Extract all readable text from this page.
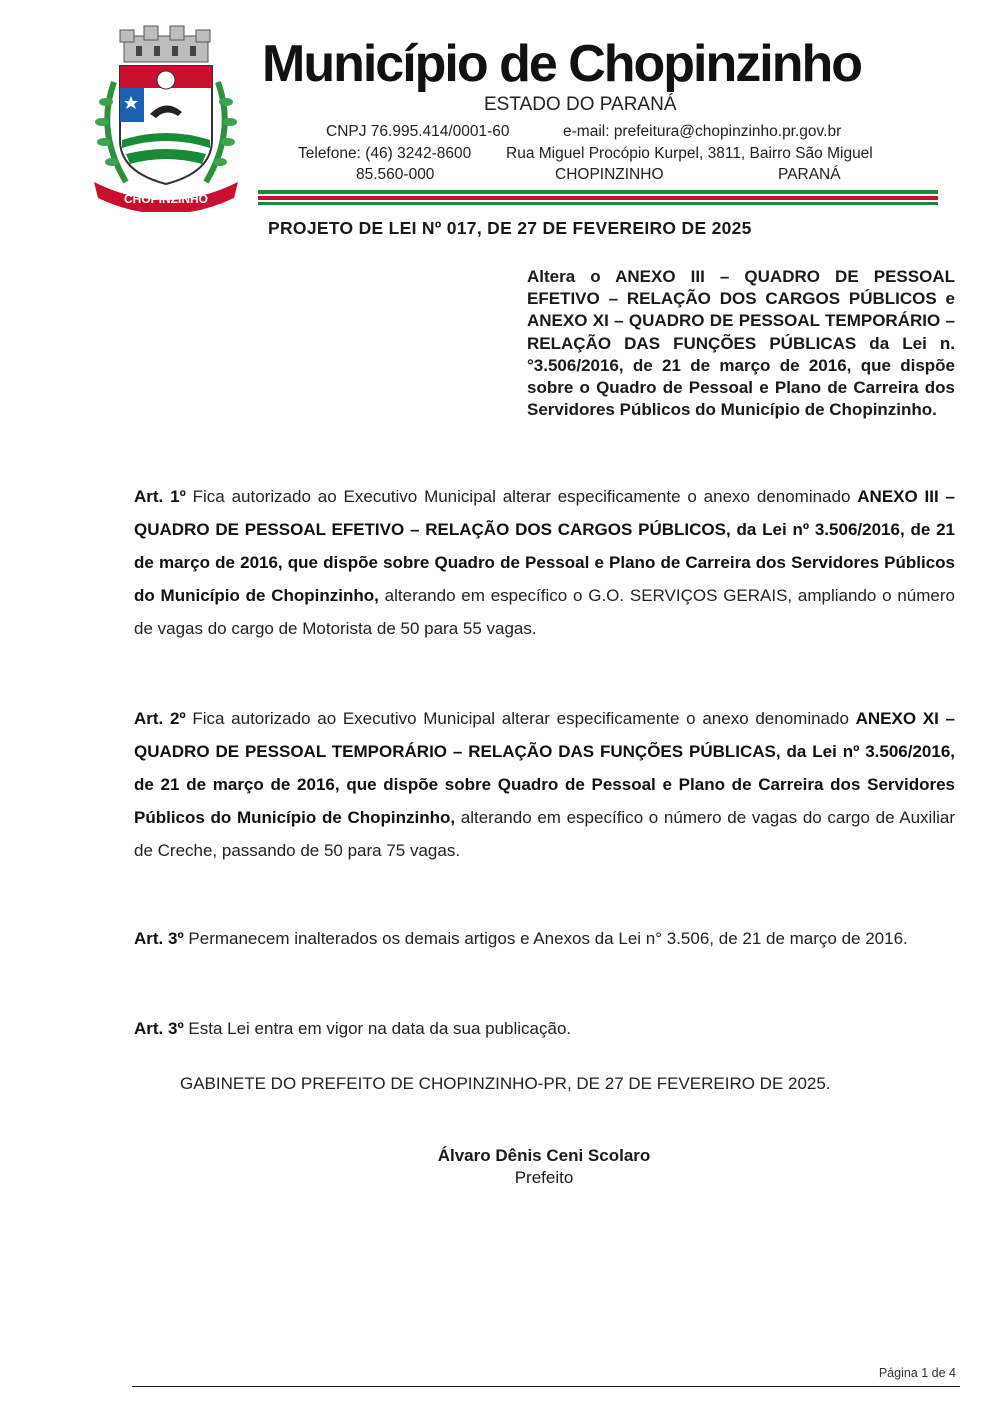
CHOPINZINHO
Município de Chopinzinho
ESTADO DO PARANÁ
CNPJ 76.995.414/0001-60	e-mail: prefeitura@chopinzinho.pr.gov.br
Telefone: (46) 3242-8600 Rua Miguel Procópio Kurpel, 3811, Bairro São Miguel
85.560-000	CHOPINZINHO	PARANÁ
PROJETO DE LEI Nº 017, DE 27 DE FEVEREIRO DE 2025
Altera o ANEXO III – QUADRO DE PESSOAL EFETIVO – RELAÇÃO DOS CARGOS PÚBLICOS e ANEXO XI – QUADRO DE PESSOAL TEMPORÁRIO – RELAÇÃO DAS FUNÇÕES PÚBLICAS da Lei n.°3.506/2016, de 21 de março de 2016, que dispõe sobre o Quadro de Pessoal e Plano de Carreira dos Servidores Públicos do Município de Chopinzinho.
Art. 1º Fica autorizado ao Executivo Municipal alterar especificamente o anexo denominado ANEXO III – QUADRO DE PESSOAL EFETIVO – RELAÇÃO DOS CARGOS PÚBLICOS, da Lei nº 3.506/2016, de 21 de março de 2016, que dispõe sobre Quadro de Pessoal e Plano de Carreira dos Servidores Públicos do Município de Chopinzinho, alterando em específico o G.O. SERVIÇOS GERAIS, ampliando o número de vagas do cargo de Motorista de 50 para 55 vagas.
Art. 2º Fica autorizado ao Executivo Municipal alterar especificamente o anexo denominado ANEXO XI – QUADRO DE PESSOAL TEMPORÁRIO – RELAÇÃO DAS FUNÇÕES PÚBLICAS, da Lei nº 3.506/2016, de 21 de março de 2016, que dispõe sobre Quadro de Pessoal e Plano de Carreira dos Servidores Públicos do Município de Chopinzinho, alterando em específico o número de vagas do cargo de Auxiliar de Creche, passando de 50 para 75 vagas.
Art. 3º Permanecem inalterados os demais artigos e Anexos da Lei n° 3.506, de 21 de março de 2016.
Art. 3º Esta Lei entra em vigor na data da sua publicação.
GABINETE DO PREFEITO DE CHOPINZINHO-PR, DE 27 DE FEVEREIRO DE 2025.
Álvaro Dênis Ceni Scolaro
Prefeito
Página 1 de 4
